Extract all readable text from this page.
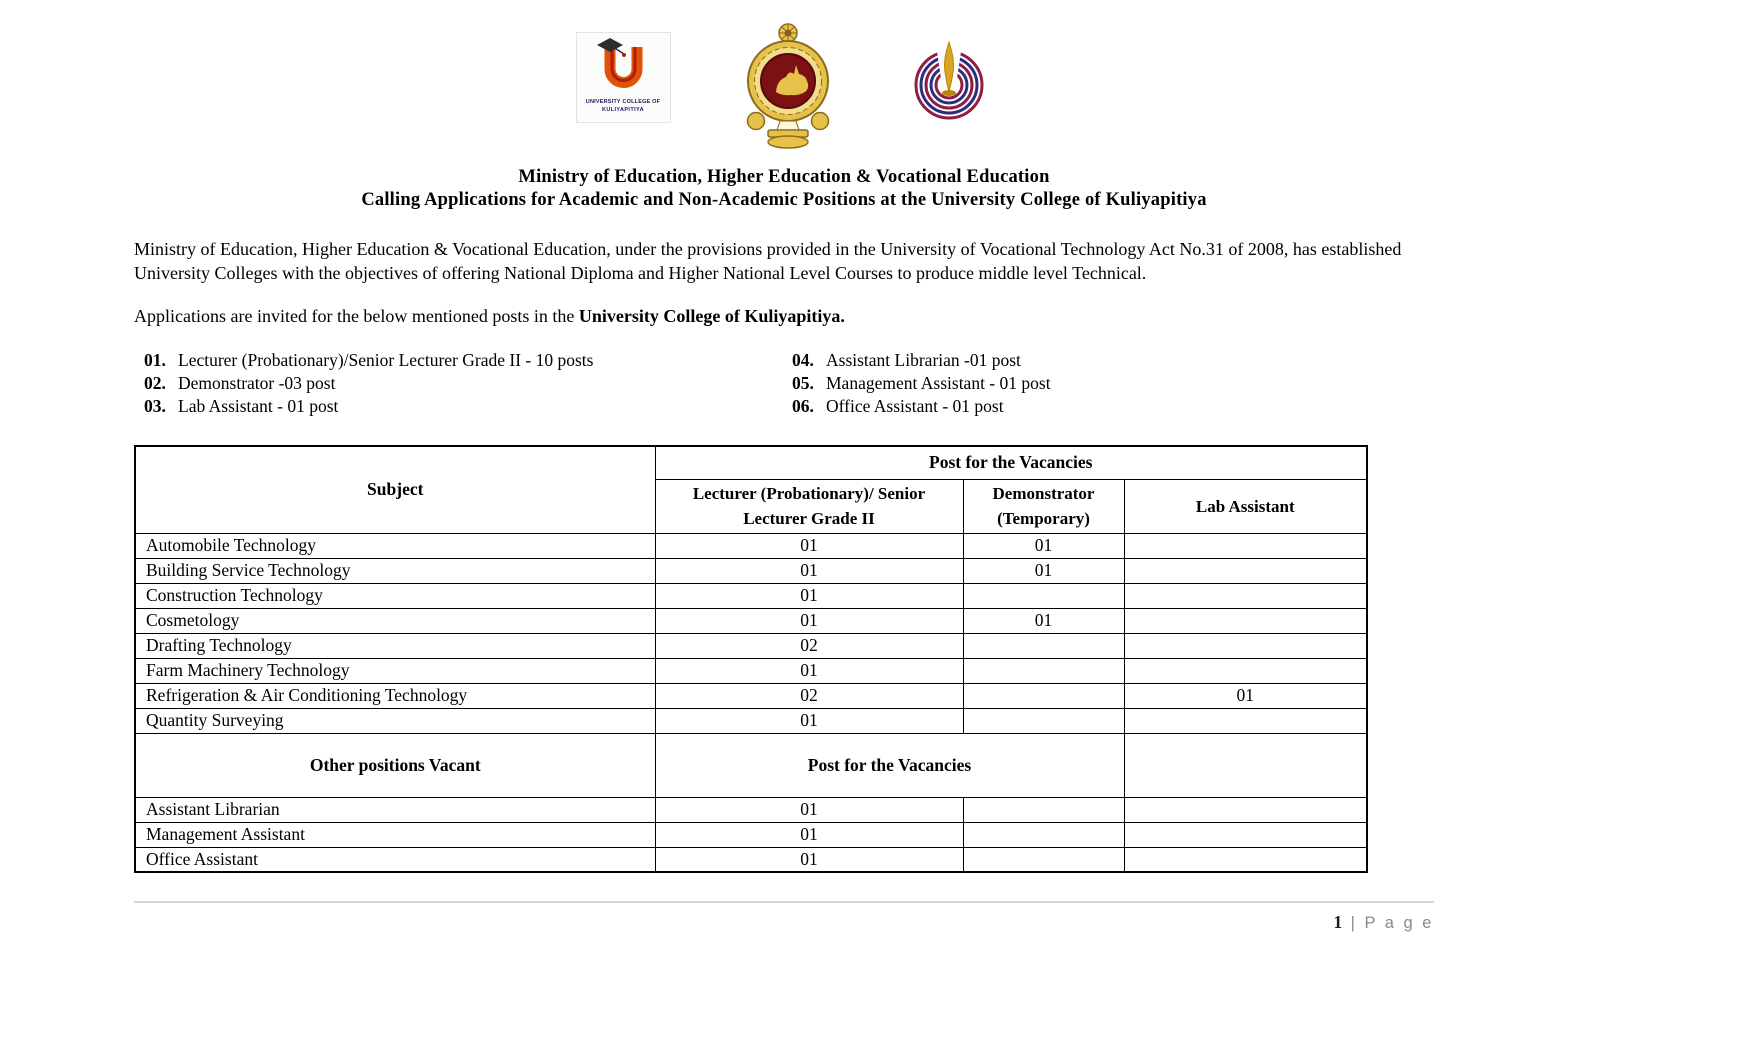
UNIVERSITY COLLEGE OF
KULIYAPITIYA
Ministry of Education, Higher Education & Vocational Education
Calling Applications for Academic and Non-Academic Positions at the University College of Kuliyapitiya

Ministry of Education, Higher Education & Vocational Education, under the provisions provided in the University of Vocational Technology Act No.31 of 2008, has established University Colleges with the objectives of offering National Diploma and Higher National Level Courses to produce middle level Technical.

Applications are invited for the below mentioned posts in the University College of Kuliyapitiya.

01. Lecturer (Probationary)/Senior Lecturer Grade II - 10 posts
02. Demonstrator -03 post
03. Lab Assistant - 01 post
04. Assistant Librarian -01 post
05. Management Assistant - 01 post
06. Office Assistant - 01 post
Subject	Post for the Vacancies		
	Lecturer (Probationary)/ Senior Lecturer Grade II	Demonstrator (Temporary)	Lab Assistant
Automobile Technology	01	01	
Building Service Technology	01	01	
Construction Technology	01		
Cosmetology	01	01	
Drafting Technology	02		
Farm Machinery Technology	01		
Refrigeration & Air Conditioning Technology	02		01
Quantity Surveying	01		
Other positions Vacant	Post for the Vacancies		
Assistant Librarian	01		
Management Assistant	01		
Office Assistant	01		
1 | P a g e
